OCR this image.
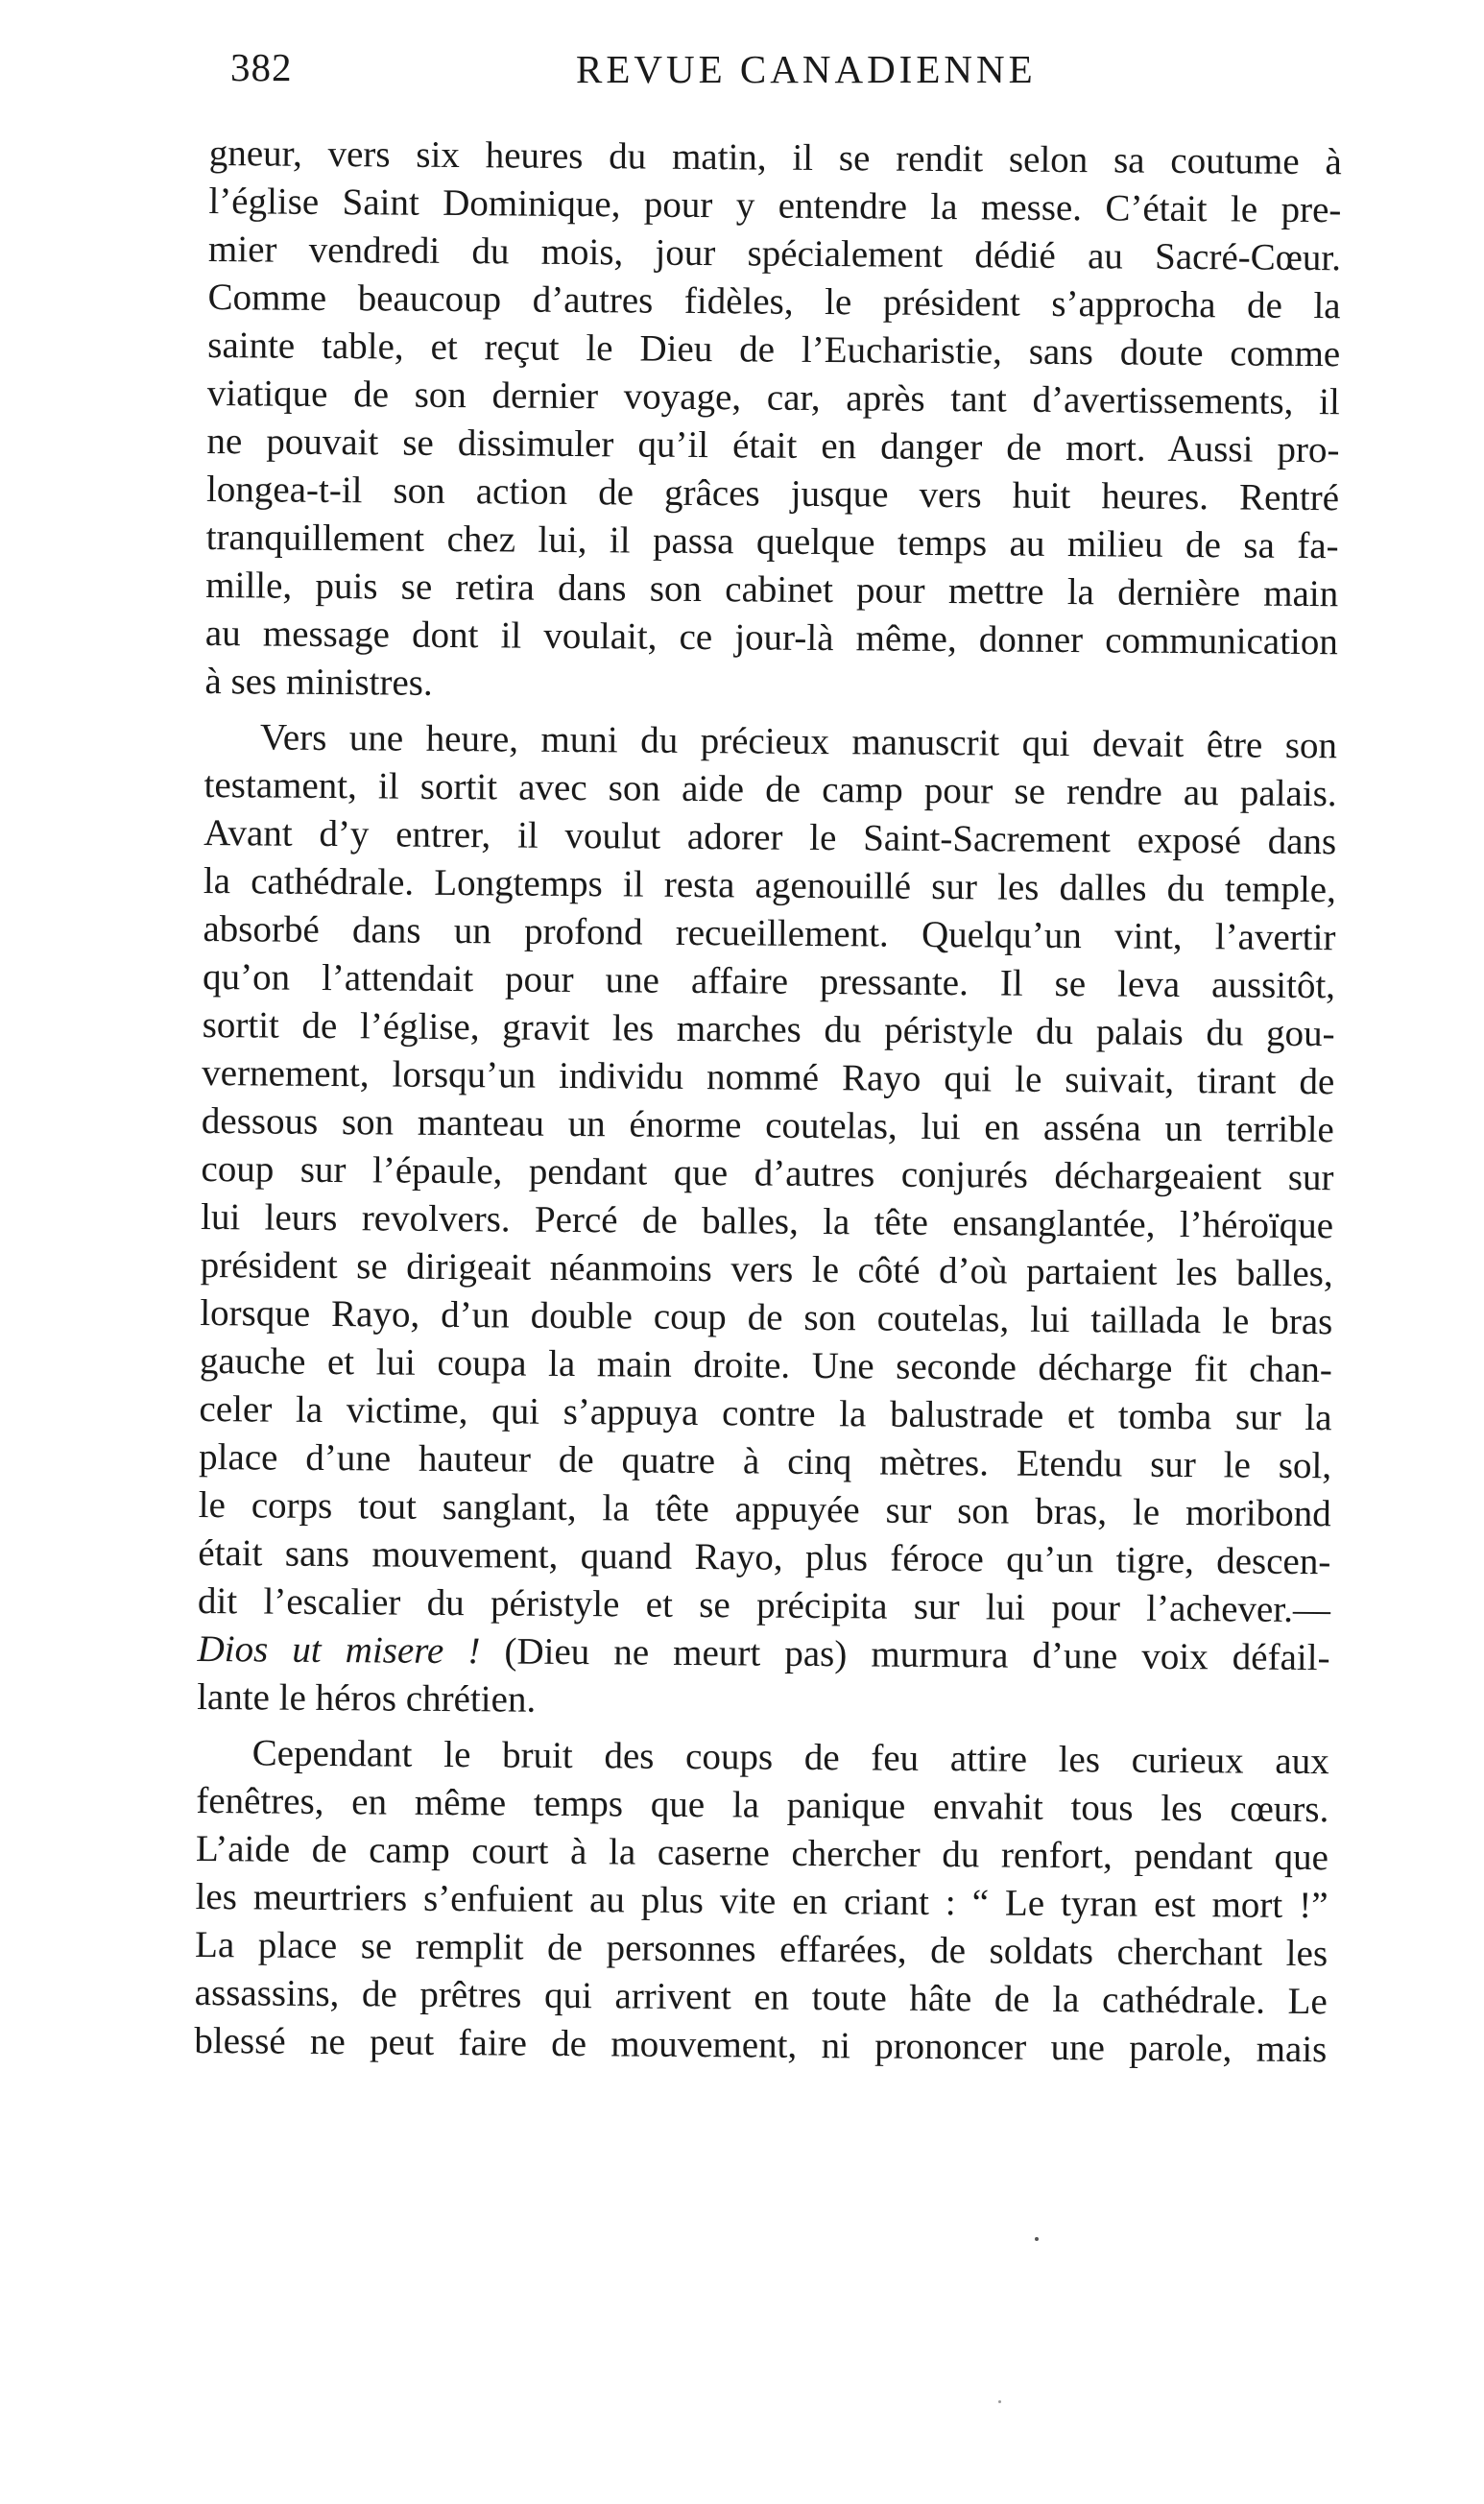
382	REVUE CANADIENNE
gneur, vers six heures du matin, il se rendit selon sa coutume à
l’église Saint Dominique, pour y entendre la messe. C’était le pre-
mier vendredi du mois, jour spécialement dédié au Sacré-Cœur.
Comme beaucoup d’autres fidèles, le président s’approcha de la
sainte table, et reçut le Dieu de l’Eucharistie, sans doute comme
viatique de son dernier voyage, car, après tant d’avertissements, il
ne pouvait se dissimuler qu’il était en danger de mort. Aussi pro-
longea-t-il son action de grâces jusque vers huit heures. Rentré
tranquillement chez lui, il passa quelque temps au milieu de sa fa-
mille, puis se retira dans son cabinet pour mettre la dernière main
au message dont il voulait, ce jour-là même, donner communication
à ses ministres.
Vers une heure, muni du précieux manuscrit qui devait être son
testament, il sortit avec son aide de camp pour se rendre au palais.
Avant d’y entrer, il voulut adorer le Saint-Sacrement exposé dans
la cathédrale. Longtemps il resta agenouillé sur les dalles du temple,
absorbé dans un profond recueillement. Quelqu’un vint, l’avertir
qu’on l’attendait pour une affaire pressante. Il se leva aussitôt,
sortit de l’église, gravit les marches du péristyle du palais du gou-
vernement, lorsqu’un individu nommé Rayo qui le suivait, tirant de
dessous son manteau un énorme coutelas, lui en asséna un terrible
coup sur l’épaule, pendant que d’autres conjurés déchargeaient sur
lui leurs revolvers. Percé de balles, la tête ensanglantée, l’héroïque
président se dirigeait néanmoins vers le côté d’où partaient les balles,
lorsque Rayo, d’un double coup de son coutelas, lui taillada le bras
gauche et lui coupa la main droite. Une seconde décharge fit chan-
celer la victime, qui s’appuya contre la balustrade et tomba sur la
place d’une hauteur de quatre à cinq mètres. Etendu sur le sol,
le corps tout sanglant, la tête appuyée sur son bras, le moribond
était sans mouvement, quand Rayo, plus féroce qu’un tigre, descen-
dit l’escalier du péristyle et se précipita sur lui pour l’achever.—
Dios ut misere ! (Dieu ne meurt pas) murmura d’une voix défail-
lante le héros chrétien.
Cependant le bruit des coups de feu attire les curieux aux
fenêtres, en même temps que la panique envahit tous les cœurs.
L’aide de camp court à la caserne chercher du renfort, pendant que
les meurtriers s’enfuient au plus vite en criant : “ Le tyran est mort !”
La place se remplit de personnes effarées, de soldats cherchant les
assassins, de prêtres qui arrivent en toute hâte de la cathédrale. Le
blessé ne peut faire de mouvement, ni prononcer une parole, mais
